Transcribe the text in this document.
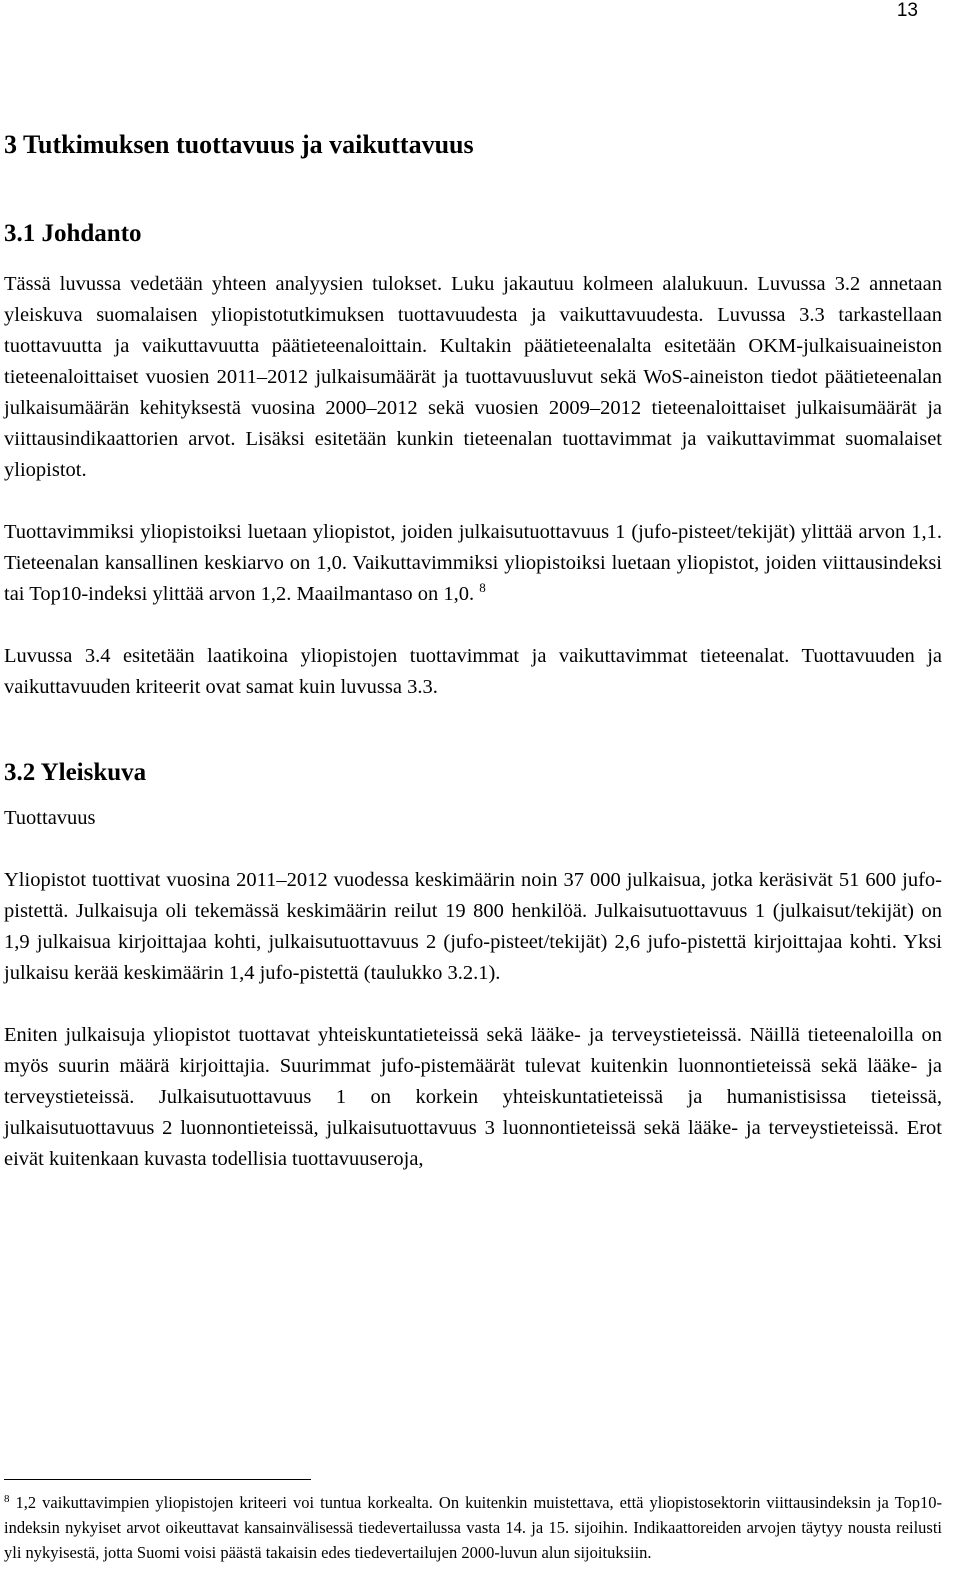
13
3 Tutkimuksen tuottavuus ja vaikuttavuus
3.1 Johdanto

Tässä luvussa vedetään yhteen analyysien tulokset. Luku jakautuu kolmeen alalukuun. Luvussa 3.2 annetaan yleiskuva suomalaisen yliopistotutkimuksen tuottavuudesta ja vaikuttavuudesta. Luvussa 3.3 tarkastellaan tuottavuutta ja vaikuttavuutta päätieteenaloittain. Kultakin päätieteenalalta esitetään OKM-julkaisuaineiston tieteenaloittaiset vuosien 2011–2012 julkaisumäärät ja tuottavuusluvut sekä WoS-aineiston tiedot päätieteenalan julkaisumäärän kehityksestä vuosina 2000–2012 sekä vuosien 2009–2012 tieteenaloittaiset julkaisumäärät ja viittausindikaattorien arvot. Lisäksi esitetään kunkin tieteenalan tuottavimmat ja vaikuttavimmat suomalaiset yliopistot.

Tuottavimmiksi yliopistoiksi luetaan yliopistot, joiden julkaisutuottavuus 1 (jufo-pisteet/tekijät) ylittää arvon 1,1. Tieteenalan kansallinen keskiarvo on 1,0. Vaikuttavimmiksi yliopistoiksi luetaan yliopistot, joiden viittausindeksi tai Top10-indeksi ylittää arvon 1,2. Maailmantaso on 1,0. $^8$

Luvussa 3.4 esitetään laatikoina yliopistojen tuottavimmat ja vaikuttavimmat tieteenalat. Tuottavuuden ja vaikuttavuuden kriteerit ovat samat kuin luvussa 3.3.

3.2 Yleiskuva

Tuottavuus

Yliopistot tuottivat vuosina 2011–2012 vuodessa keskimäärin noin 37 000 julkaisua, jotka keräsivät 51 600 jufo-pistettä. Julkaisuja oli tekemässä keskimäärin reilut 19 800 henkilöä. Julkaisutuottavuus 1 (julkaisut/tekijät) on 1,9 julkaisua kirjoittajaa kohti, julkaisutuottavuus 2 (jufo-pisteet/tekijät) 2,6 jufo-pistettä kirjoittajaa kohti. Yksi julkaisu kerää keskimäärin 1,4 jufo-pistettä (taulukko 3.2.1).

Eniten julkaisuja yliopistot tuottavat yhteiskuntatieteissä sekä lääke- ja terveystieteissä. Näillä tieteenaloilla on myös suurin määrä kirjoittajia. Suurimmat jufo-pistemäärät tulevat kuitenkin luonnontieteissä sekä lääke- ja terveystieteissä. Julkaisutuottavuus 1 on korkein yhteiskuntatieteissä ja humanistisissa tieteissä, julkaisutuottavuus 2 luonnontieteissä, julkaisutuottavuus 3 luonnontieteissä sekä lääke- ja terveystieteissä. Erot eivät kuitenkaan kuvasta todellisia tuottavuuseroja,

$^8$ 1,2 vaikuttavimpien yliopistojen kriteeri voi tuntua korkealta. On kuitenkin muistettava, että yliopistosektorin viittausindeksin ja Top10-indeksin nykyiset arvot oikeuttavat kansainvälisessä tiedevertailussa vasta 14. ja 15. sijoihin. Indikaattoreiden arvojen täytyy nousta reilusti yli nykyisestä, jotta Suomi voisi päästä takaisin edes tiedevertailujen 2000-luvun alun sijoituksiin.
